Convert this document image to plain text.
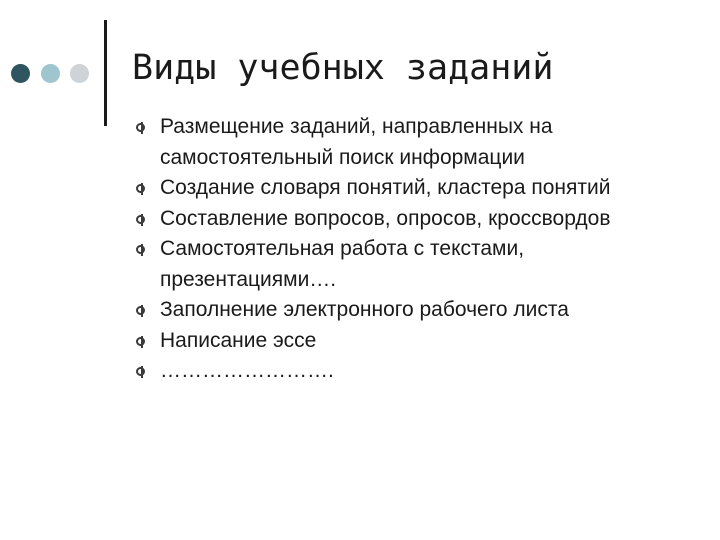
Виды учебных заданий
Размещение заданий, направленных на самостоятельный поиск информации
Создание словаря понятий, кластера понятий
Составление вопросов, опросов, кроссвордов
Самостоятельная работа с текстами, презентациями….
Заполнение электронного рабочего листа
Написание эссе
…………………….
